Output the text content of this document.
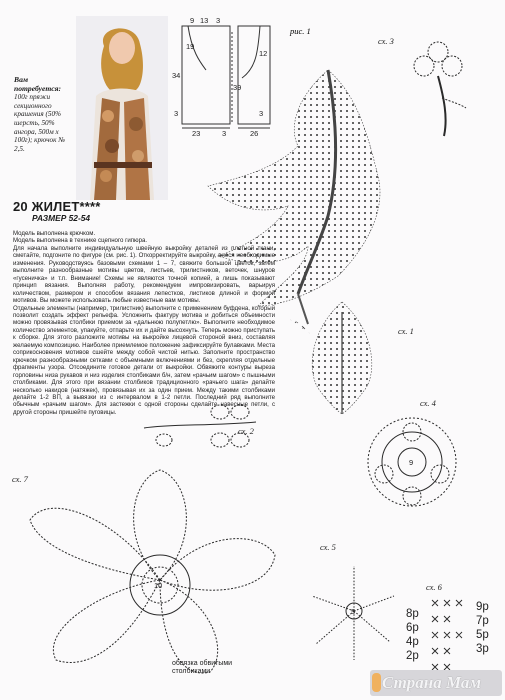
Вам потребуется:
100г пряжи секционного крашения (50% шерсть, 50% ангора, 500м x 100г); крючок № 2,5.
9 13 3
19
34
39
12
3
23	3	26
3
рис. 1
сх. 3
сх. 1
сх. 2
9
сх. 4
10
сх. 7
обвязка обвитыми столбиками
5
сх. 5
сх. 6
9р
7р
5р
3р
8р
6р
4р
2р
20 ЖИЛЕТ****
РАЗМЕР 52-54

Модель выполнена крючком.

Модель выполнена в технике сцепного гипюра.

Для начала выполните индивидуальную швейную выкройку деталей из плотной ткани, сметайте, подгоните по фигуре (см. рис. 1). Откорректируйте выкройку, внеся необходимые изменения. Руководствуясь базовыми схемами 1 – 7, свяжите большой цветок, затем выполните разнообразные мотивы цветов, листьев, трилистников, веточек, шнуров «гусеничка» и т.п. Внимание! Схемы не являются точной копией, а лишь показывают принцип вязания. Выполняя работу, рекомендуем импровизировать, варьируя количеством, размером и способом вязания лепестков, листиков длиной и формой мотивов. Вы можете использовать любые известные вам мотивы.

Отдельные элементы (например, трилистник) выполните с применением буфдена, который позволит создать эффект рельефа. Усложнить фактуру мотива и добиться объемности можно провязывая столбики приемом за «дальнюю полупетлю». Выполните необходимое количество элементов, упакуйте, отпарьте их и дайте высохнуть. Теперь можно приступать к сборке. Для этого разложите мотивы на выкройке лицевой стороной вниз, составляя желаемую композицию. Наиболее приемлемое положение зафиксируйте булавками. Места соприкосновения мотивов сшейте между собой чистой нитью. Заполните пространство крючком разнообразными сетками с объемными включениями и без, скрепляя отдельные фрагменты узора. Отсоедините готовое детали от выкройки. Обвяжите контуры выреза горловины низа рукавов и низ изделия столбиками б/н, затем «рачьим шагом» с пышными столбиками. Для этого при вязании столбиков традиционного «рачьего шага» делайте несколько накидов (натяжек), провязывая их за один прием. Между такими столбиками делайте 1-2 ВП, а вывязки из с интервалом в 1-2 петли. Последний ряд выполните обычным «рачьим шагом». Для застежки с одной стороны сделайте навесные петли, с другой стороны пришейте пуговицы.

Страна Мам
